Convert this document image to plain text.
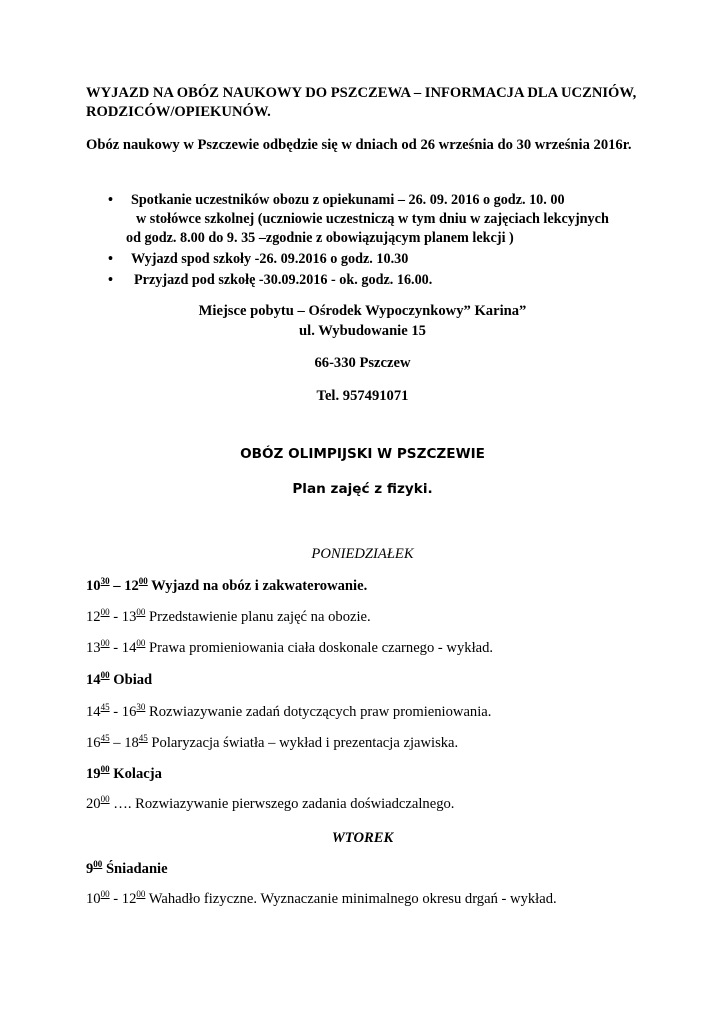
WYJAZD NA OBÓZ NAUKOWY DO PSZCZEWA – INFORMACJA DLA UCZNIÓW, RODZICÓW/OPIEKUNÓW.
Obóz naukowy w Pszczewie odbędzie się w dniach od 26 września do 30 września 2016r.
•	Spotkanie uczestników obozu z opiekunami – 26. 09. 2016 o godz. 10. 00
w stołówce szkolnej (uczniowie uczestniczą w tym dniu w zajęciach lekcyjnych
od godz. 8.00 do 9. 35 –zgodnie z obowiązującym planem lekcji )
•	Wyjazd spod szkoły -26. 09.2016 o godz. 10.30
•	Przyjazd pod szkołę -30.09.2016 - ok. godz. 16.00.
Miejsce pobytu – Ośrodek Wypoczynkowy” Karina”
ul. Wybudowanie 15
66-330 Pszczew
Tel. 957491071
OBÓZ OLIMPIJSKI W PSZCZEWIE
Plan zajęć z fizyki.
PONIEDZIAŁEK
$10^{30} - 12^{00}$ Wyjazd na obóz i zakwaterowanie.
$12^{00} - 13^{00}$ Przedstawienie planu zajęć na obozie.
$13^{00} - 14^{00}$ Prawa promieniowania ciała doskonale czarnego - wykład.
$14^{00}$ Obiad
$14^{45} - 16^{30}$ Rozwiazywanie zadań dotyczących praw promieniowania.
$16^{45} - 18^{45}$ Polaryzacja światła – wykład i prezentacja zjawiska.
$19^{00}$ Kolacja
$20^{00}$ …. Rozwiazywanie pierwszego zadania doświadczalnego.
WTOREK
$9^{00}$ Śniadanie
$10^{00} - 12^{00}$ Wahadło fizyczne. Wyznaczanie minimalnego okresu drgań - wykład.
